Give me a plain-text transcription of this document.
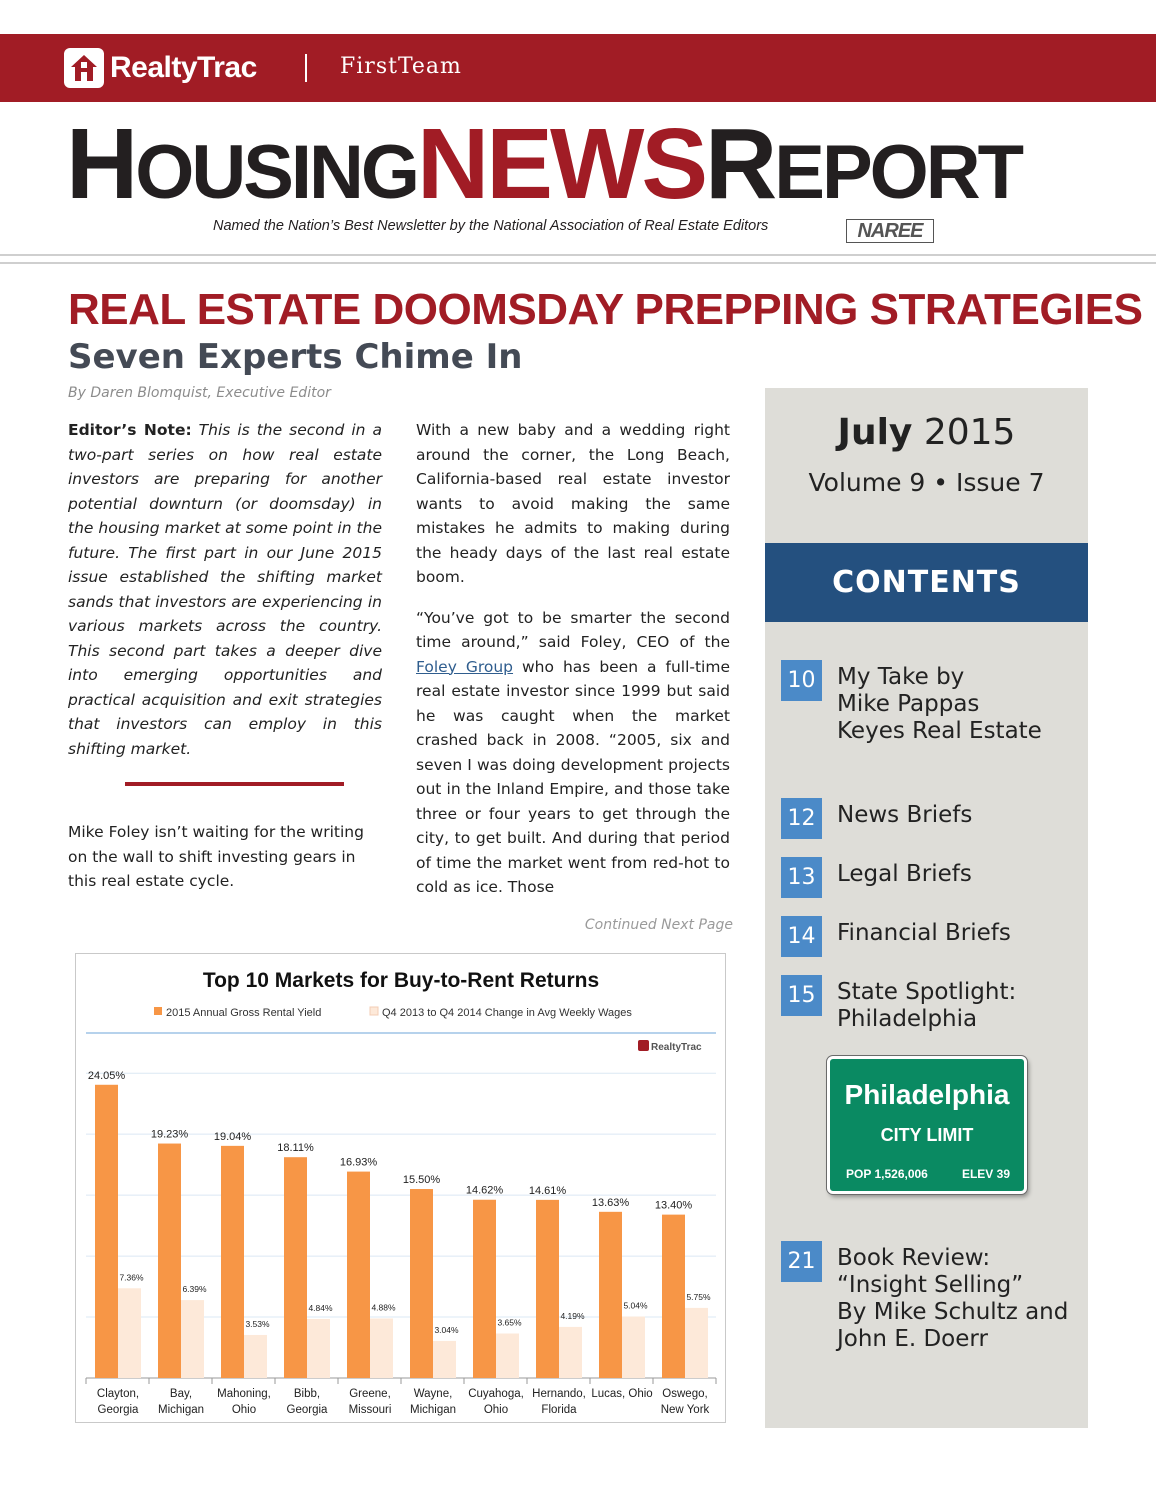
RealtyTrac	FirstTeam
HOUSINGNEWSREPORT
Named the Nation’s Best Newsletter by the National Association of Real Estate Editors	NAREE
REAL ESTATE DOOMSDAY PREPPING STRATEGIES
Seven Experts Chime In
By Daren Blomquist, Executive Editor
Editor’s Note: This is the second in a two-part series on how real estate investors are preparing for another potential downturn (or doomsday) in the housing market at some point in the future. The first part in our June 2015 issue established the shifting market sands that investors are experiencing in various markets across the country. This second part takes a deeper dive into emerging opportunities and practical acquisition and exit strategies that investors can employ in this shifting market.
Mike Foley isn’t waiting for the writing on the wall to shift investing gears in this real estate cycle.

With a new baby and a wedding right around the corner, the Long Beach, California-based real estate investor wants to avoid making the same mistakes he admits to making during the heady days of the last real estate boom.

“You’ve got to be smarter the second time around,” said Foley, CEO of the Foley Group who has been a full-time real estate investor since 1999 but said he was caught when the market crashed back in 2008. “2005, six and seven I was doing development projects out in the Inland Empire, and those take three or four years to get through the city, to get built. And during that period of time the market went from red-hot to cold as ice. Those

Continued Next Page
Top 10 Markets for Buy-to-Rent Returns
2015 Annual Gross Rental Yield	Q4 2013 to Q4 2014 Change in Avg Weekly Wages
RealtyTrac
24.05%
7.36%
Clayton,
Georgia
19.23%
6.39%
Bay,
Michigan
19.04%
3.53%
Mahoning,
Ohio
18.11%
4.84%
Bibb,
Georgia
16.93%
4.88%
Greene,
Missouri
15.50%
3.04%
Wayne,
Michigan
14.62%
3.65%
Cuyahoga,
Ohio
14.61%
4.19%
Hernando,
Florida
13.63%
5.04%
Lucas, Ohio
13.40%
5.75%
Oswego,
New York
July 2015
Volume 9 • Issue 7
CONTENTS
10 My Take by
Mike Pappas
Keyes Real Estate
12 News Briefs
13 Legal Briefs
14 Financial Briefs
15 State Spotlight:
Philadelphia
Philadelphia
CITY LIMIT
POP 1,526,006	ELEV 39
21 Book Review:
“Insight Selling”
By Mike Schultz and
John E. Doerr
